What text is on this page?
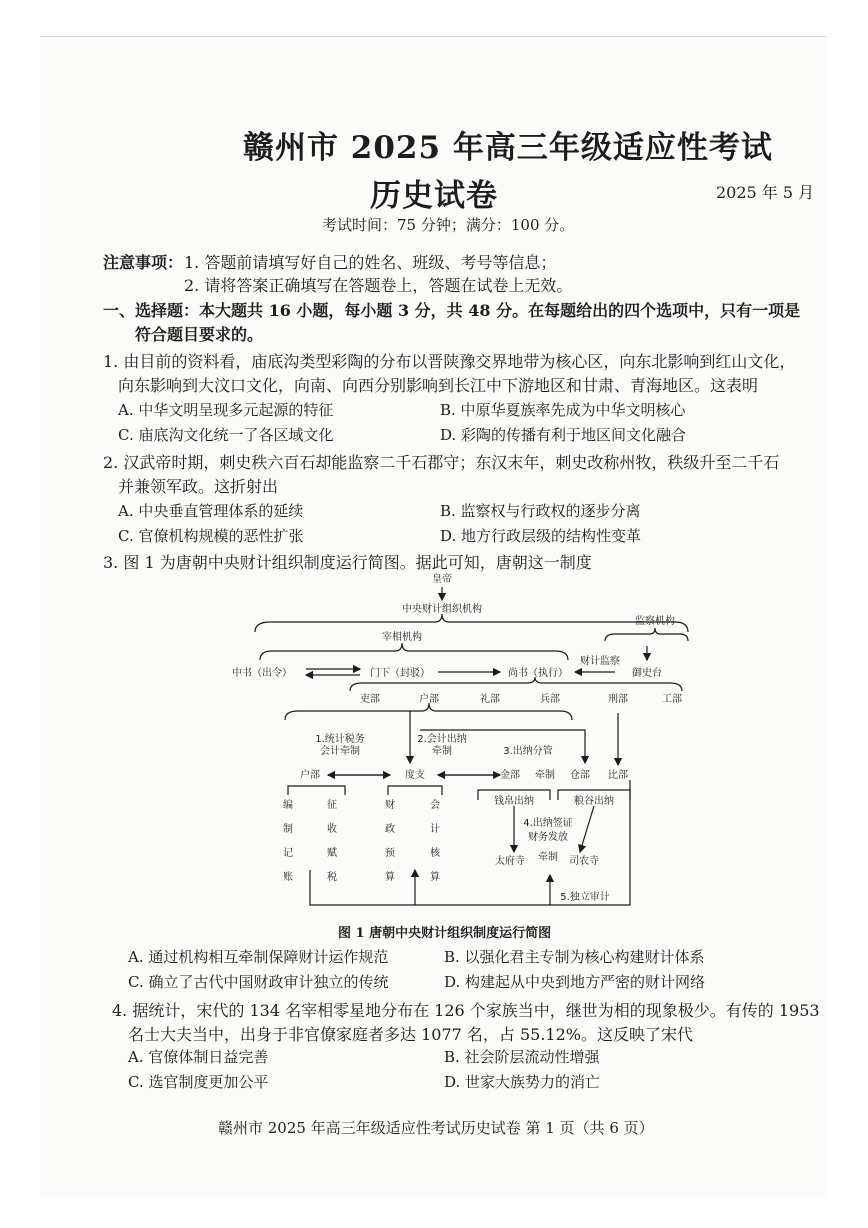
赣州市 2025 年高三年级适应性考试
历史试卷	2025 年 5 月
考试时间：75 分钟；满分：100 分。
注意事项： 1. 答题前请填写好自己的姓名、班级、考号等信息；
2. 请将答案正确填写在答题卷上，答题在试卷上无效。
一、选择题：本大题共 16 小题，每小题 3 分，共 48 分。在每题给出的四个选项中，只有一项是
符合题目要求的。
1. 由目前的资料看，庙底沟类型彩陶的分布以晋陕豫交界地带为核心区，向东北影响到红山文化，
向东影响到大汶口文化，向南、向西分别影响到长江中下游地区和甘肃、青海地区。这表明
A. 中华文明呈现多元起源的特征	B. 中原华夏族率先成为中华文明核心
C. 庙底沟文化统一了各区域文化	D. 彩陶的传播有利于地区间文化融合
2. 汉武帝时期，刺史秩六百石却能监察二千石郡守；东汉末年，刺史改称州牧，秩级升至二千石
并兼领军政。这折射出
A. 中央垂直管理体系的延续	B. 监察权与行政权的逐步分离
C. 官僚机构规模的恶性扩张	D. 地方行政层级的结构性变革
3. 图 1 为唐朝中央财计组织制度运行简图。据此可知，唐朝这一制度
皇帝
中央财计组织机构
宰相机构
监察机构
中书（出令）	门下（封驳）	尚书（执行）
财计监察
御史台
吏部	户部	礼部	兵部	刑部	工部
1.统计税务
会计牵制
2.会计出纳
牵制	3.出纳分管
户部	度支	金部 牵制 仓部 比部
编
制
记
账
征
收
赋
税
财
政
预
算
会
计
核
算
钱帛出纳	粮谷出纳
4.出纳签证
财务发放
太府寺 牵制 司农寺
5.独立审计
图 1 唐朝中央财计组织制度运行简图
A. 通过机构相互牵制保障财计运作规范	B. 以强化君主专制为核心构建财计体系
C. 确立了古代中国财政审计独立的传统	D. 构建起从中央到地方严密的财计网络
4. 据统计，宋代的 134 名宰相零星地分布在 126 个家族当中，继世为相的现象极少。有传的 1953
名士大夫当中，出身于非官僚家庭者多达 1077 名，占 55.12%。这反映了宋代
A. 官僚体制日益完善	B. 社会阶层流动性增强
C. 选官制度更加公平	D. 世家大族势力的消亡
赣州市 2025 年高三年级适应性考试历史试卷 第 1 页（共 6 页）
